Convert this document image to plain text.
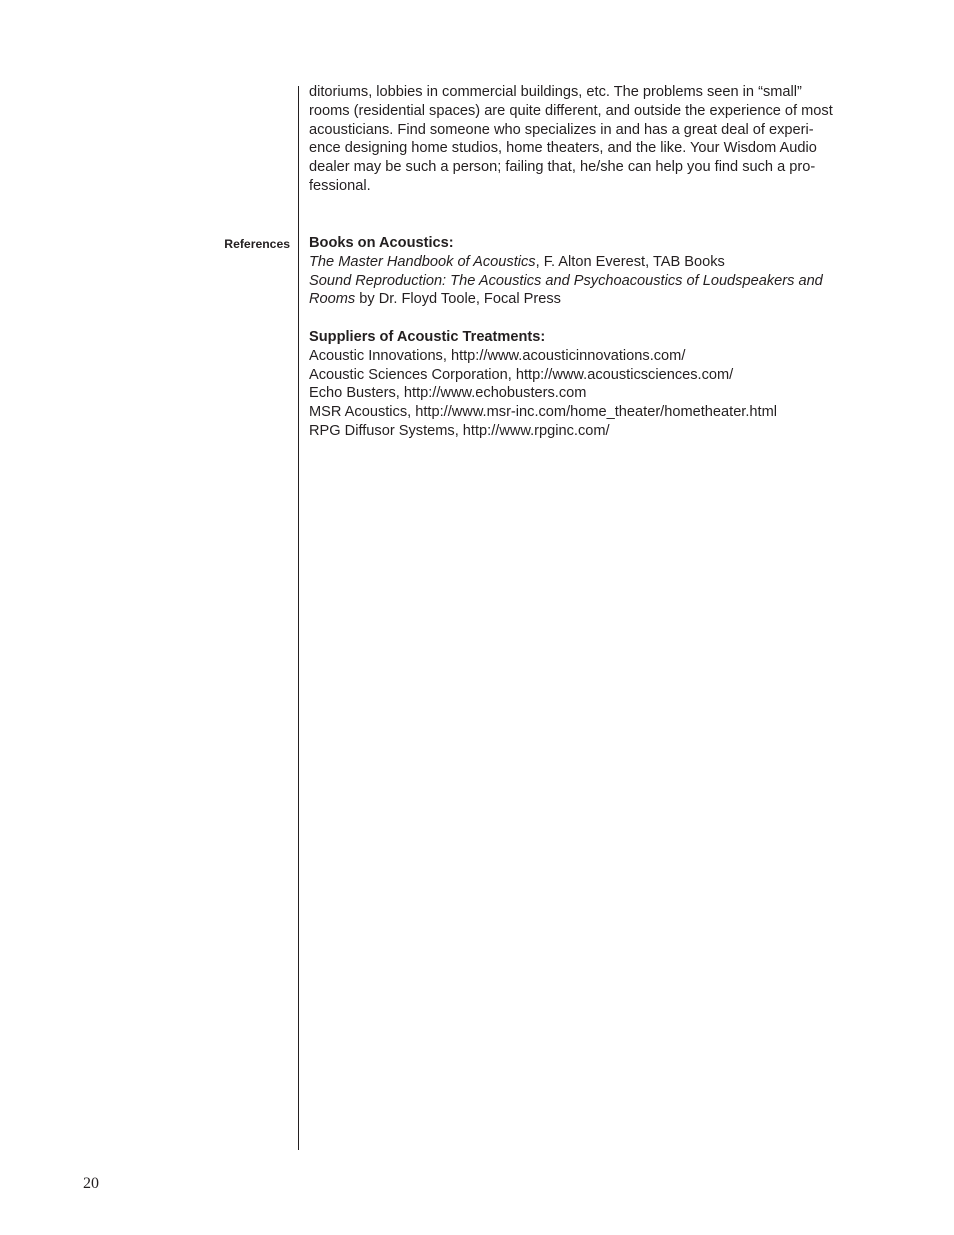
ditoriums, lobbies in commercial buildings, etc. The problems seen in “small”
rooms (residential spaces) are quite different, and outside the experience of most
acousticians. Find someone who specializes in and has a great deal of experi-
ence designing home studios, home theaters, and the like. Your Wisdom Audio
dealer may be such a person; failing that, he/she can help you find such a pro-
fessional.

References Books on Acoustics:
The Master Handbook of Acoustics, F. Alton Everest, TAB Books
Sound Reproduction: The Acoustics and Psychoacoustics of Loudspeakers and
Rooms by Dr. Floyd Toole, Focal Press
Suppliers of Acoustic Treatments:
Acoustic Innovations, http://www.acousticinnovations.com/
Acoustic Sciences Corporation, http://www.acousticsciences.com/
Echo Busters, http://www.echobusters.com
MSR Acoustics, http://www.msr-inc.com/home_theater/hometheater.html
RPG Diffusor Systems, http://www.rpginc.com/
20
